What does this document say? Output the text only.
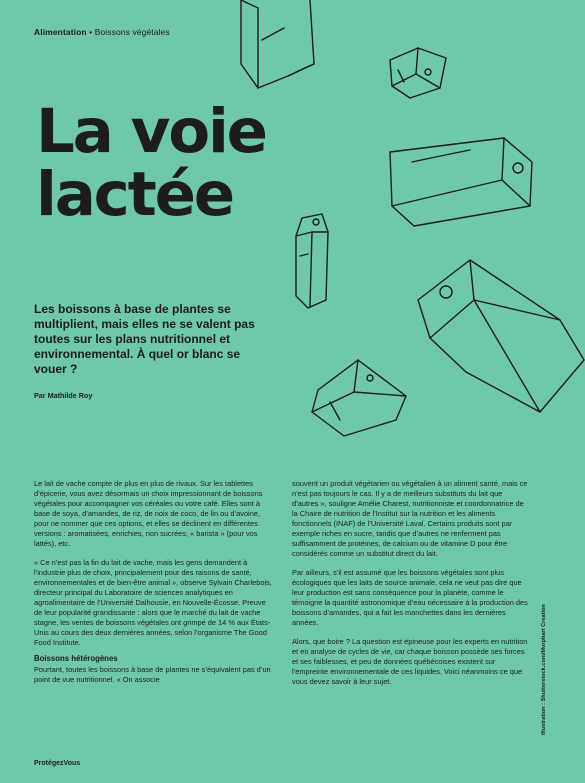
Alimentation • Boissons végétales
La voie
lactée
Les boissons à base de plantes se multiplient, mais elles ne se valent pas toutes sur les plans nutritionnel et environnemental. À quel or blanc se vouer ?
Par Mathilde Roy

Le lait de vache compte de plus en plus de rivaux. Sur les tablettes d’épicerie, vous avez désormais un choix impressionnant de boissons végétales pour accompagner vos céréales ou votre café. Elles sont à base de soya, d’amandes, de riz, de noix de coco, de lin ou d’avoine, pour ne nommer que ces options, et elles se déclinent en différentes versions : aromatisées, enrichies, non sucrées, « barista » (pour vos lattés), etc.

« Ce n’est pas la fin du lait de vache, mais les gens demandent à l’industrie plus de choix, principalement pour des raisons de santé, environnementales et de bien-être animal », observe Sylvain Charlebois, directeur principal du Laboratoire de sciences analytiques en agroalimentaire de l’Université Dalhousie, en Nouvelle-Écosse. Preuve de leur popularité grandissante : alors que le marché du lait de vache stagne, les ventes de boissons végétales ont grimpé de 14 % aux États-Unis au cours des deux dernières années, selon l’organisme The Good Food Institute.

Boissons hétérogènes

Pourtant, toutes les boissons à base de plantes ne s’équivalent pas d’un point de vue nutritionnel. « On associe

souvent un produit végétarien ou végétalien à un aliment santé, mais ce n’est pas toujours le cas. Il y a de meilleurs substituts du lait que d’autres », souligne Amélie Charest, nutritionniste et coordonnatrice de la Chaire de nutrition de l’Institut sur la nutrition et les aliments fonctionnels (INAF) de l’Université Laval. Certains produits sont par exemple riches en sucre, tandis que d’autres ne renferment pas suffisamment de protéines, de calcium ou de vitamine D pour être considérés comme un substitut direct du lait.

Par ailleurs, s’il est assumé que les boissons végétales sont plus écologiques que les laits de source animale, cela ne veut pas dire que leur production est sans conséquence pour la planète, comme le témoigne la quantité astronomique d’eau nécessaire à la production des boissons d’amandes, qui a fait les manchettes dans les dernières années.

Alors, que boire ? La question est épineuse pour les experts en nutrition et en analyse de cycles de vie, car chaque boisson possède ses forces et ses faiblesses, et peu de données québécoises existent sur l’empreinte environnementale de ces liquides. Voici néanmoins ce que vous devez savoir à leur sujet.	Illustration : Shutterstock.com/Morphart Creation
ProtégezVous
